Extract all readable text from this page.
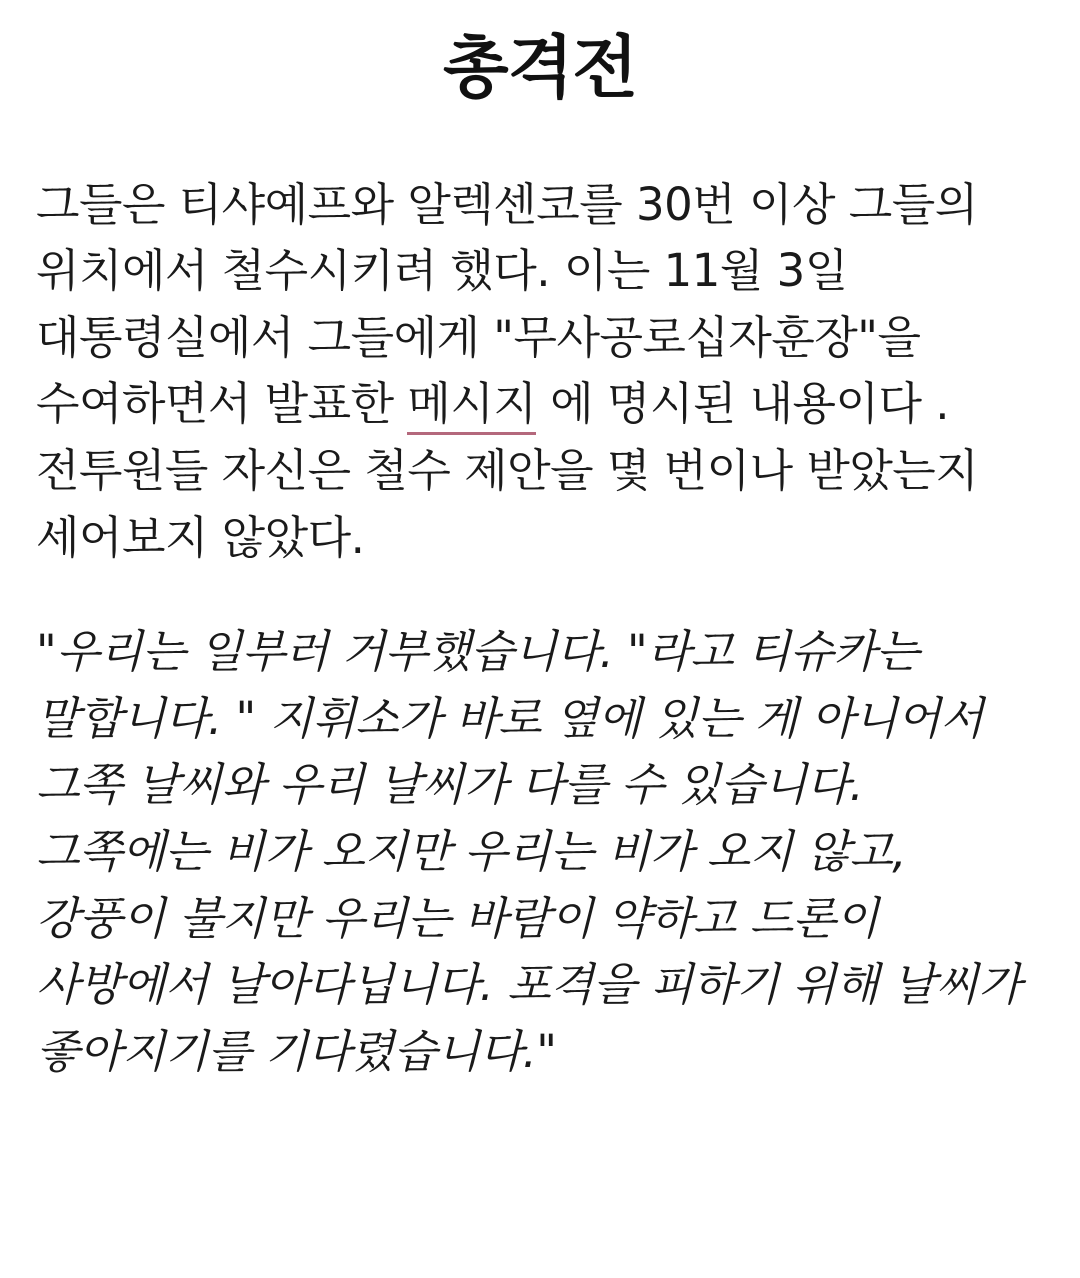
총격전

그들은 티샤예프와 알렉센코를 30번 이상 그들의 위치에서 철수시키려 했다. 이는 11월 3일 대통령실에서 그들에게 "무사공로십자훈장"을 수여하면서 발표한 메시지 에 명시된 내용이다 . 전투원들 자신은 철수 제안을 몇 번이나 받았는지 세어보지 않았다.

"우리는 일부러 거부했습니다. "라고 티슈카는 말합니다. " 지휘소가 바로 옆에 있는 게 아니어서 그쪽 날씨와 우리 날씨가 다를 수 있습니다. 그쪽에는 비가 오지만 우리는 비가 오지 않고, 강풍이 불지만 우리는 바람이 약하고 드론이 사방에서 날아다닙니다. 포격을 피하기 위해 날씨가 좋아지기를 기다렸습니다."
